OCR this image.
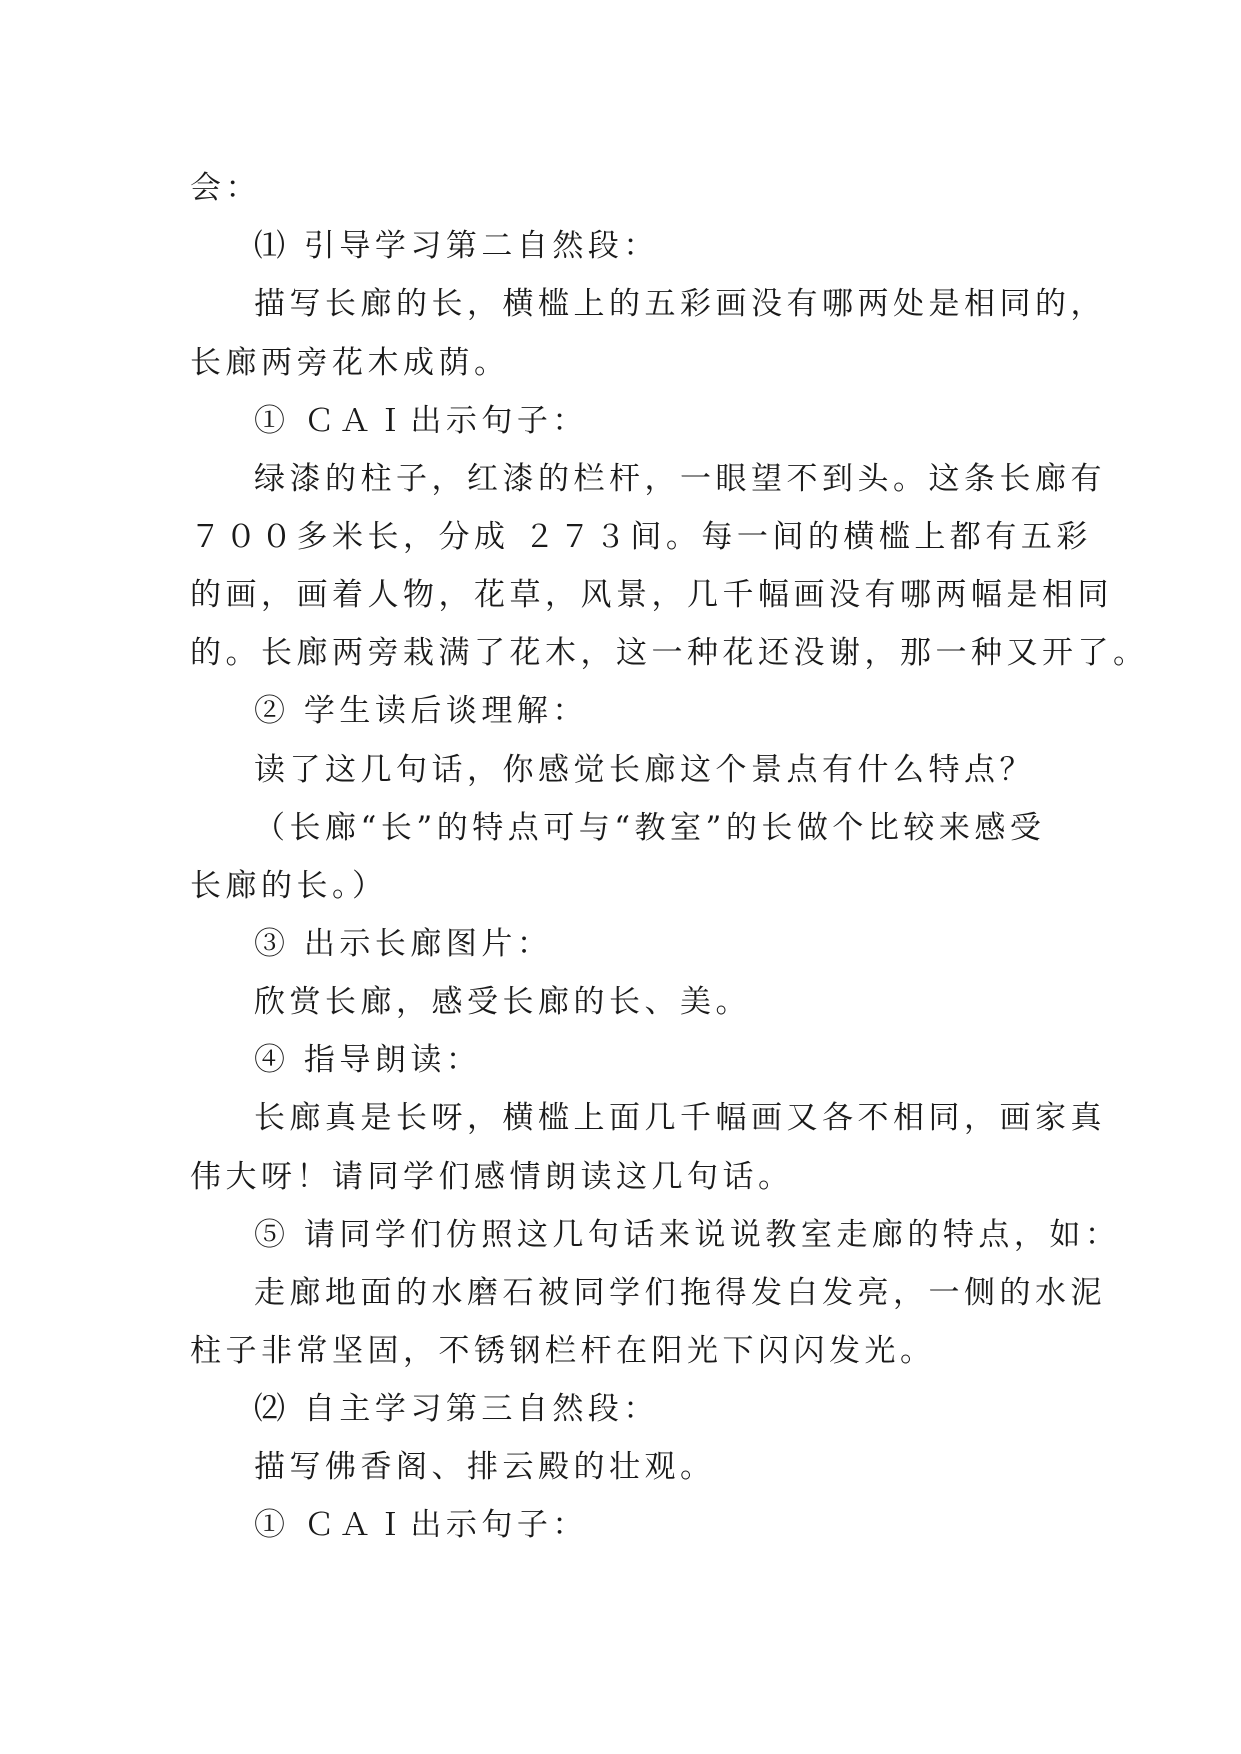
会：
⑴ 引导学习第二自然段：
描写长廊的长，横槛上的五彩画没有哪两处是相同的，
长廊两旁花木成荫。
① ＣＡＩ出示句子：
绿漆的柱子，红漆的栏杆，一眼望不到头。这条长廊有
７００多米长，分成 ２７３间。每一间的横槛上都有五彩
的画，画着人物，花草，风景，几千幅画没有哪两幅是相同
的。长廊两旁栽满了花木，这一种花还没谢，那一种又开了。
② 学生读后谈理解：
读了这几句话，你感觉长廊这个景点有什么特点？
（长廊“长”的特点可与“教室”的长做个比较来感受
长廊的长。）
③ 出示长廊图片：
欣赏长廊，感受长廊的长、美。
④ 指导朗读：
长廊真是长呀，横槛上面几千幅画又各不相同，画家真
伟大呀！请同学们感情朗读这几句话。
⑤ 请同学们仿照这几句话来说说教室走廊的特点，如：
走廊地面的水磨石被同学们拖得发白发亮，一侧的水泥
柱子非常坚固，不锈钢栏杆在阳光下闪闪发光。
⑵ 自主学习第三自然段：
描写佛香阁、排云殿的壮观。
① ＣＡＩ出示句子：
